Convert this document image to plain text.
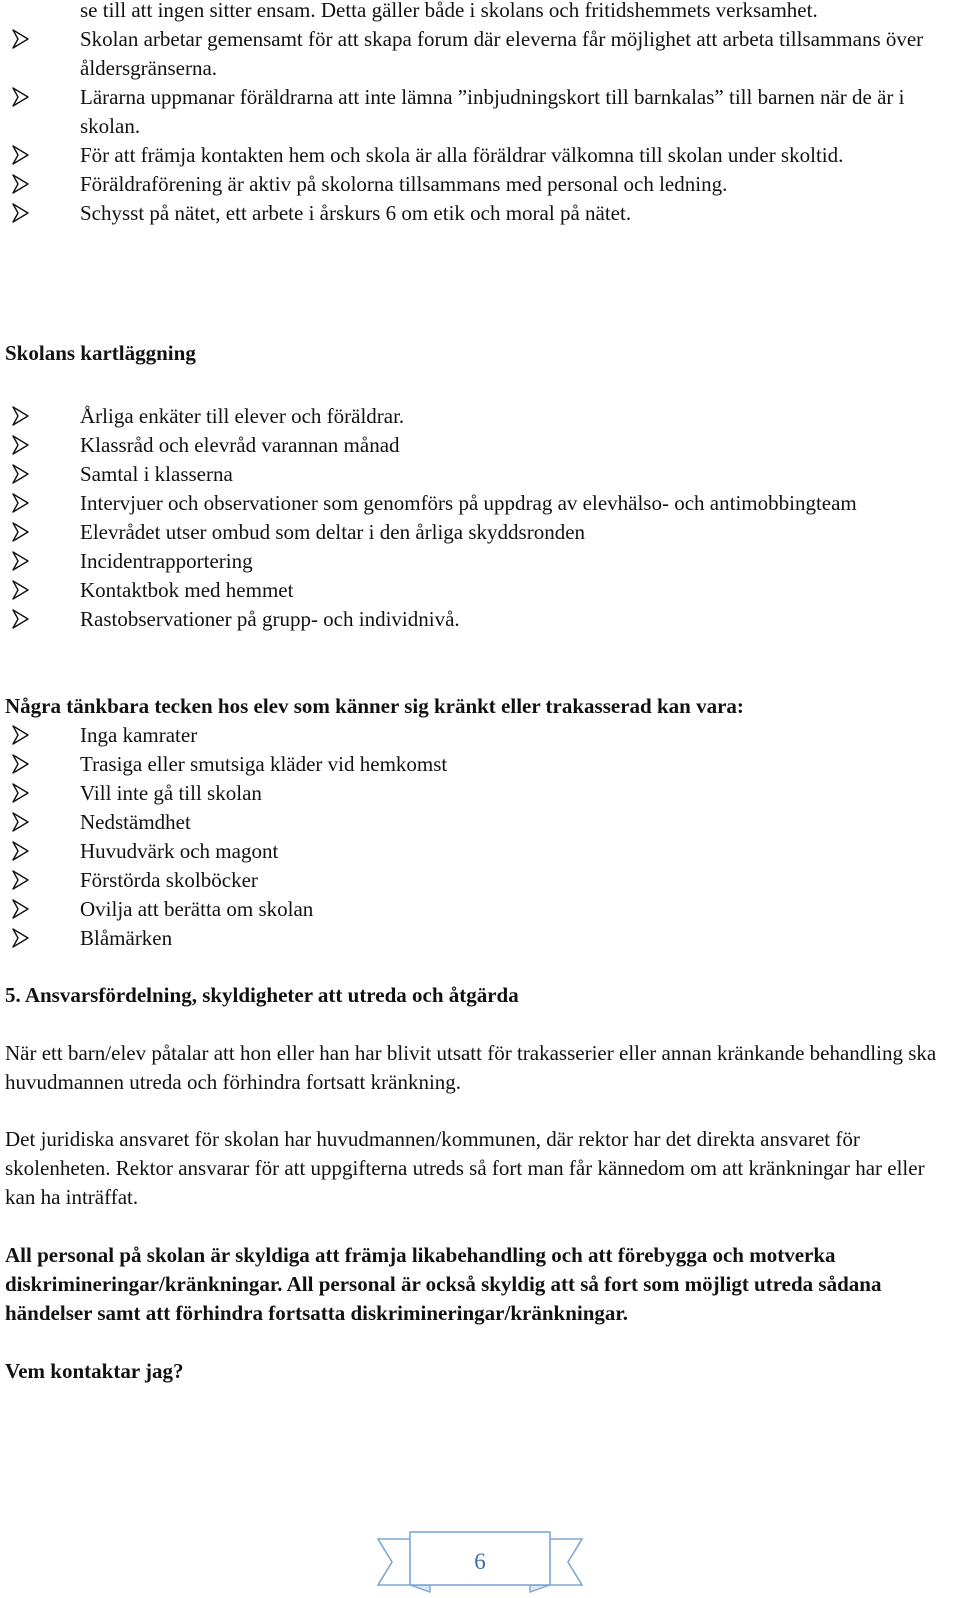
se till att ingen sitter ensam. Detta gäller både i skolans och fritidshemmets verksamhet.
Skolan arbetar gemensamt för att skapa forum där eleverna får möjlighet att arbeta tillsammans över åldersgränserna.
Lärarna uppmanar föräldrarna att inte lämna ”inbjudningskort till barnkalas” till barnen när de är i skolan.
För att främja kontakten hem och skola är alla föräldrar välkomna till skolan under skoltid.
Föräldraförening är aktiv på skolorna tillsammans med personal och ledning.
Schysst på nätet, ett arbete i årskurs 6 om etik och moral på nätet.
Skolans kartläggning
Årliga enkäter till elever och föräldrar.
Klassråd och elevråd varannan månad
Samtal i klasserna
Intervjuer och observationer som genomförs på uppdrag av elevhälso- och antimobbingteam
Elevrådet utser ombud som deltar i den årliga skyddsronden
Incidentrapportering
Kontaktbok med hemmet
Rastobservationer på grupp- och individnivå.
Några tänkbara tecken hos elev som känner sig kränkt eller trakasserad kan vara:
Inga kamrater
Trasiga eller smutsiga kläder vid hemkomst
Vill inte gå till skolan
Nedstämdhet
Huvudvärk och magont
Förstörda skolböcker
Ovilja att berätta om skolan
Blåmärken
5. Ansvarsfördelning, skyldigheter att utreda och åtgärda

När ett barn/elev påtalar att hon eller han har blivit utsatt för trakasserier eller annan kränkande behandling ska huvudmannen utreda och förhindra fortsatt kränkning.

Det juridiska ansvaret för skolan har huvudmannen/kommunen, där rektor har det direkta ansvaret för skolenheten. Rektor ansvarar för att uppgifterna utreds så fort man får kännedom om att kränkningar har eller kan ha inträffat.

All personal på skolan är skyldiga att främja likabehandling och att förebygga och motverka diskrimineringar/kränkningar. All personal är också skyldig att så fort som möjligt utreda sådana händelser samt att förhindra fortsatta diskrimineringar/kränkningar.

Vem kontaktar jag?

6
